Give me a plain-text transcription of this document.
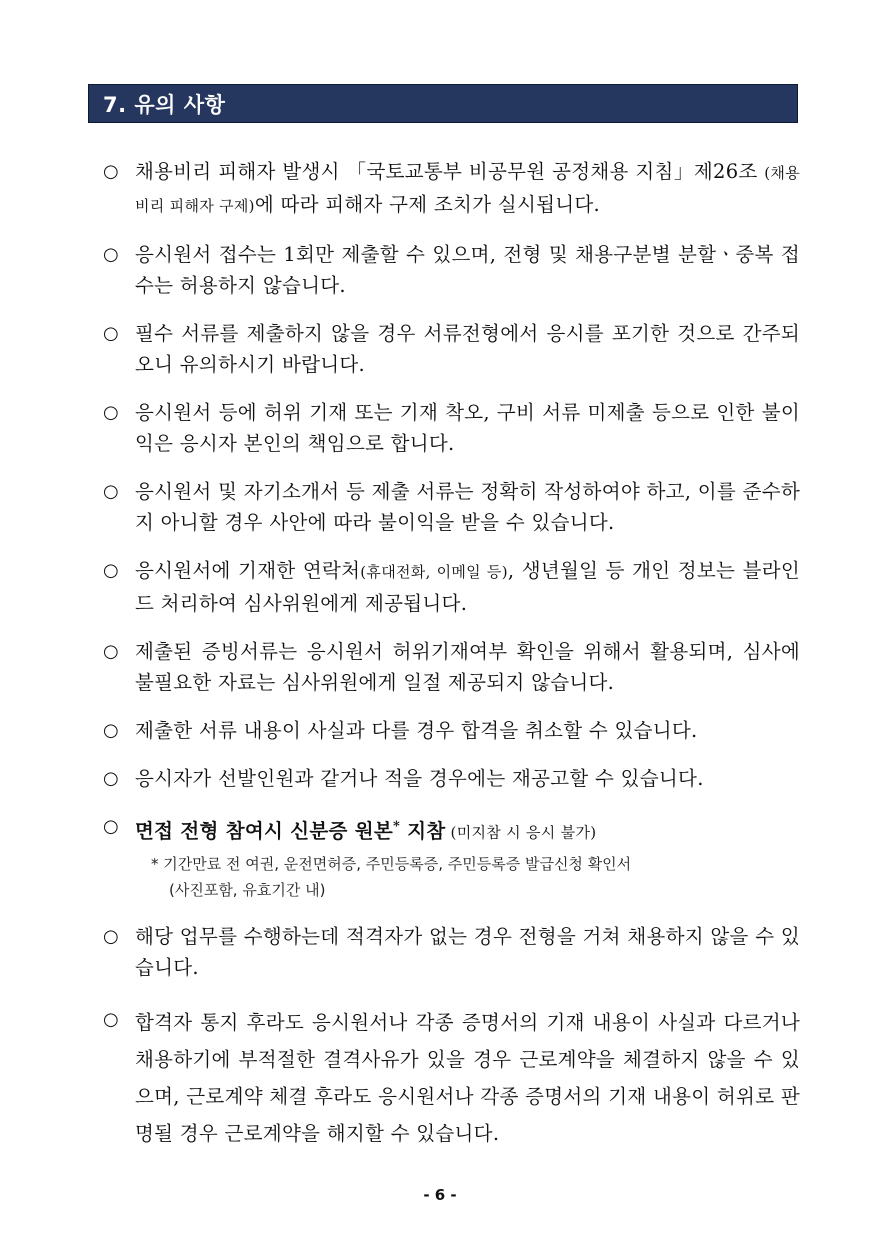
7. 유의 사항
○ 채용비리 피해자 발생시 「국토교통부 비공무원 공정채용 지침」제26조 (채용비리 피해자 구제)에 따라 피해자 구제 조치가 실시됩니다.
○ 응시원서 접수는 1회만 제출할 수 있으며, 전형 및 채용구분별 분할ㆍ중복 접수는 허용하지 않습니다.
○ 필수 서류를 제출하지 않을 경우 서류전형에서 응시를 포기한 것으로 간주되오니 유의하시기 바랍니다.
○ 응시원서 등에 허위 기재 또는 기재 착오, 구비 서류 미제출 등으로 인한 불이익은 응시자 본인의 책임으로 합니다.
○ 응시원서 및 자기소개서 등 제출 서류는 정확히 작성하여야 하고, 이를 준수하지 아니할 경우 사안에 따라 불이익을 받을 수 있습니다.
○ 응시원서에 기재한 연락처(휴대전화, 이메일 등), 생년월일 등 개인 정보는 블라인드 처리하여 심사위원에게 제공됩니다.
○ 제출된 증빙서류는 응시원서 허위기재여부 확인을 위해서 활용되며, 심사에 불필요한 자료는 심사위원에게 일절 제공되지 않습니다.
○ 제출한 서류 내용이 사실과 다를 경우 합격을 취소할 수 있습니다.
○ 응시자가 선발인원과 같거나 적을 경우에는 재공고할 수 있습니다.
○ 면접 전형 참여시 신분증 원본* 지참 (미지참 시 응시 불가)
* 기간만료 전 여권, 운전면허증, 주민등록증, 주민등록증 발급신청 확인서
(사진포함, 유효기간 내)
○ 해당 업무를 수행하는데 적격자가 없는 경우 전형을 거쳐 채용하지 않을 수 있습니다.
○ 합격자 통지 후라도 응시원서나 각종 증명서의 기재 내용이 사실과 다르거나 채용하기에 부적절한 결격사유가 있을 경우 근로계약을 체결하지 않을 수 있으며, 근로계약 체결 후라도 응시원서나 각종 증명서의 기재 내용이 허위로 판명될 경우 근로계약을 해지할 수 있습니다.
- 6 -
